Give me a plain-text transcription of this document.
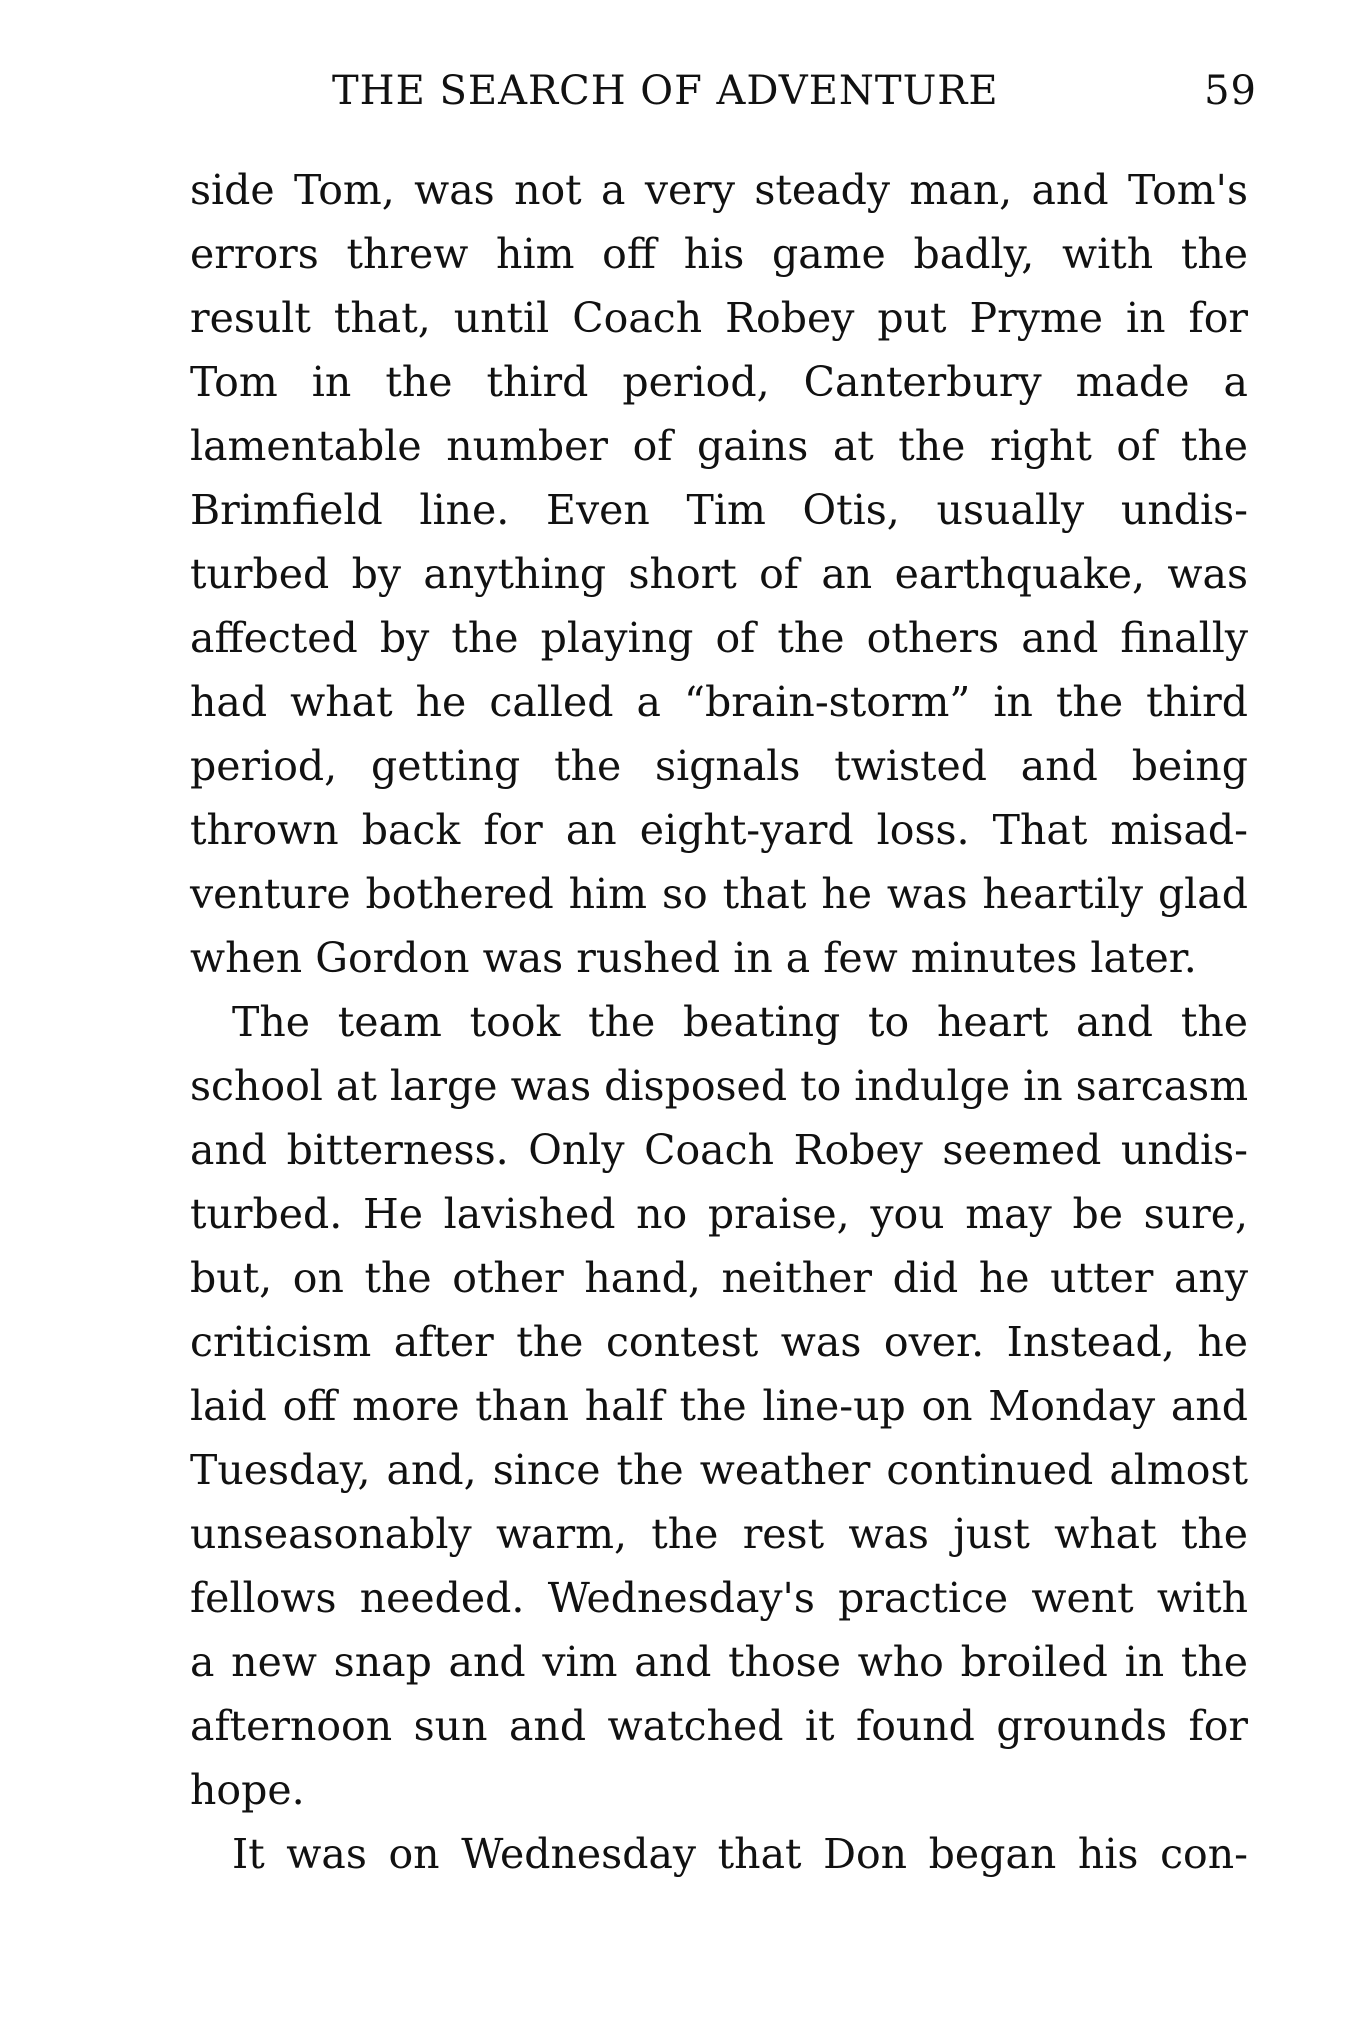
THE SEARCH OF ADVENTURE	59
side Tom, was not a very steady man, and Tom's
errors threw him off his game badly, with the
result that, until Coach Robey put Pryme in for
Tom in the third period, Canterbury made a
lamentable number of gains at the right of the
Brimfield line. Even Tim Otis, usually undis-
turbed by anything short of an earthquake, was
affected by the playing of the others and finally
had what he called a “brain-storm” in the third
period, getting the signals twisted and being
thrown back for an eight-yard loss. That misad-
venture bothered him so that he was heartily glad
when Gordon was rushed in a few minutes later.
The team took the beating to heart and the
school at large was disposed to indulge in sarcasm
and bitterness. Only Coach Robey seemed undis-
turbed. He lavished no praise, you may be sure,
but, on the other hand, neither did he utter any
criticism after the contest was over. Instead, he
laid off more than half the line-up on Monday and
Tuesday, and, since the weather continued almost
unseasonably warm, the rest was just what the
fellows needed. Wednesday's practice went with
a new snap and vim and those who broiled in the
afternoon sun and watched it found grounds for
hope.
It was on Wednesday that Don began his con-
